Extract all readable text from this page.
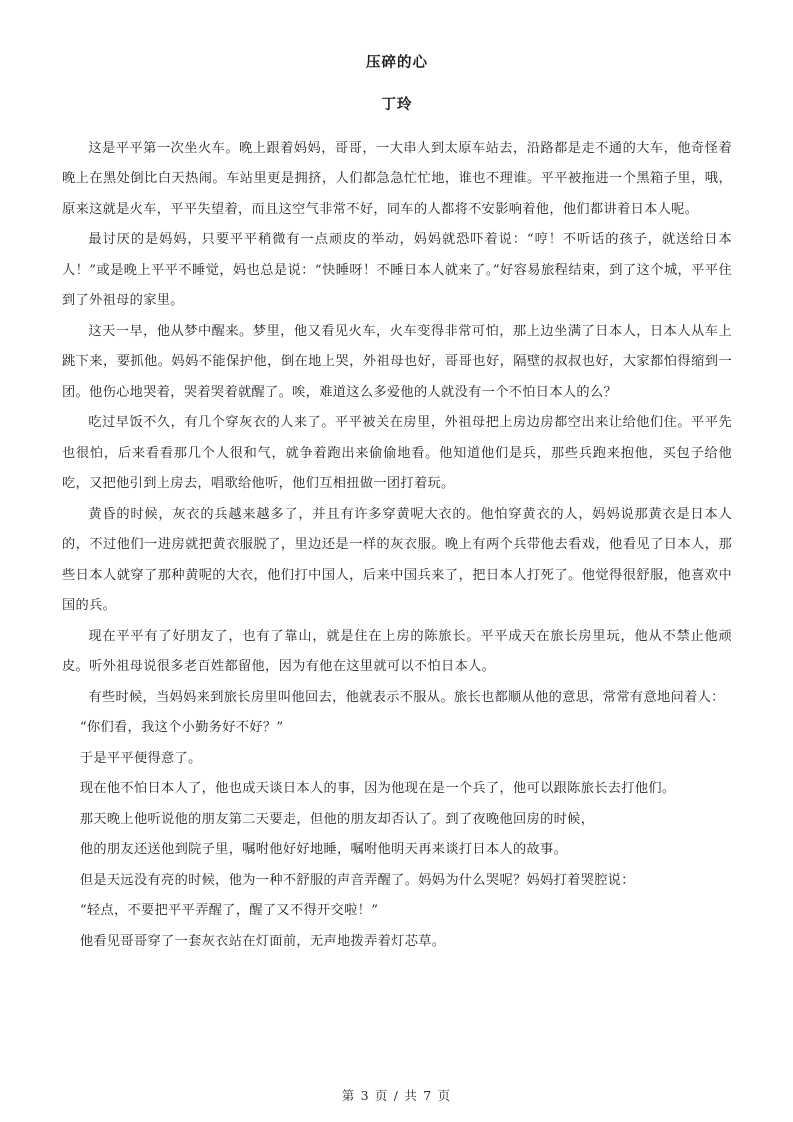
压碎的心
丁玲

这是平平第一次坐火车。晚上跟着妈妈，哥哥，一大串人到太原车站去，沿路都是走不通的大车，他奇怪着晚上在黑处倒比白天热闹。车站里更是拥挤，人们都急急忙忙地，谁也不理谁。平平被拖进一个黑箱子里，哦，原来这就是火车，平平失望着，而且这空气非常不好，同车的人都将不安影响着他，他们都讲着日本人呢。

最讨厌的是妈妈，只要平平稍微有一点顽皮的举动，妈妈就恐吓着说：“哼！不听话的孩子，就送给日本人！”或是晚上平平不睡觉，妈也总是说：“快睡呀！不睡日本人就来了。”好容易旅程结束，到了这个城，平平住到了外祖母的家里。

这天一早，他从梦中醒来。梦里，他又看见火车，火车变得非常可怕，那上边坐满了日本人，日本人从车上跳下来，要抓他。妈妈不能保护他，倒在地上哭，外祖母也好，哥哥也好，隔壁的叔叔也好，大家都怕得缩到一团。他伤心地哭着，哭着哭着就醒了。唉，难道这么多爱他的人就没有一个不怕日本人的么？

吃过早饭不久，有几个穿灰衣的人来了。平平被关在房里，外祖母把上房边房都空出来让给他们住。平平先也很怕，后来看看那几个人很和气，就争着跑出来偷偷地看。他知道他们是兵，那些兵跑来抱他，买包子给他吃，又把他引到上房去，唱歌给他听，他们互相扭做一团打着玩。

黄昏的时候，灰衣的兵越来越多了，并且有许多穿黄呢大衣的。他怕穿黄衣的人，妈妈说那黄衣是日本人的，不过他们一进房就把黄衣服脱了，里边还是一样的灰衣服。晚上有两个兵带他去看戏，他看见了日本人，那些日本人就穿了那种黄呢的大衣，他们打中国人，后来中国兵来了，把日本人打死了。他觉得很舒服，他喜欢中国的兵。

现在平平有了好朋友了，也有了靠山，就是住在上房的陈旅长。平平成天在旅长房里玩，他从不禁止他顽皮。听外祖母说很多老百姓都留他，因为有他在这里就可以不怕日本人。

有些时候，当妈妈来到旅长房里叫他回去，他就表示不服从。旅长也都顺从他的意思，常常有意地问着人：

“你们看，我这个小勤务好不好？”

于是平平便得意了。

现在他不怕日本人了，他也成天谈日本人的事，因为他现在是一个兵了，他可以跟陈旅长去打他们。

那天晚上他听说他的朋友第二天要走，但他的朋友却否认了。到了夜晚他回房的时候，

他的朋友还送他到院子里，嘱咐他好好地睡，嘱咐他明天再来谈打日本人的故事。

但是天远没有亮的时候，他为一种不舒服的声音弄醒了。妈妈为什么哭呢？妈妈打着哭腔说：

“轻点，不要把平平弄醒了，醒了又不得开交啦！”

他看见哥哥穿了一套灰衣站在灯面前，无声地拨弄着灯芯草。

第 3 页 / 共 7 页
